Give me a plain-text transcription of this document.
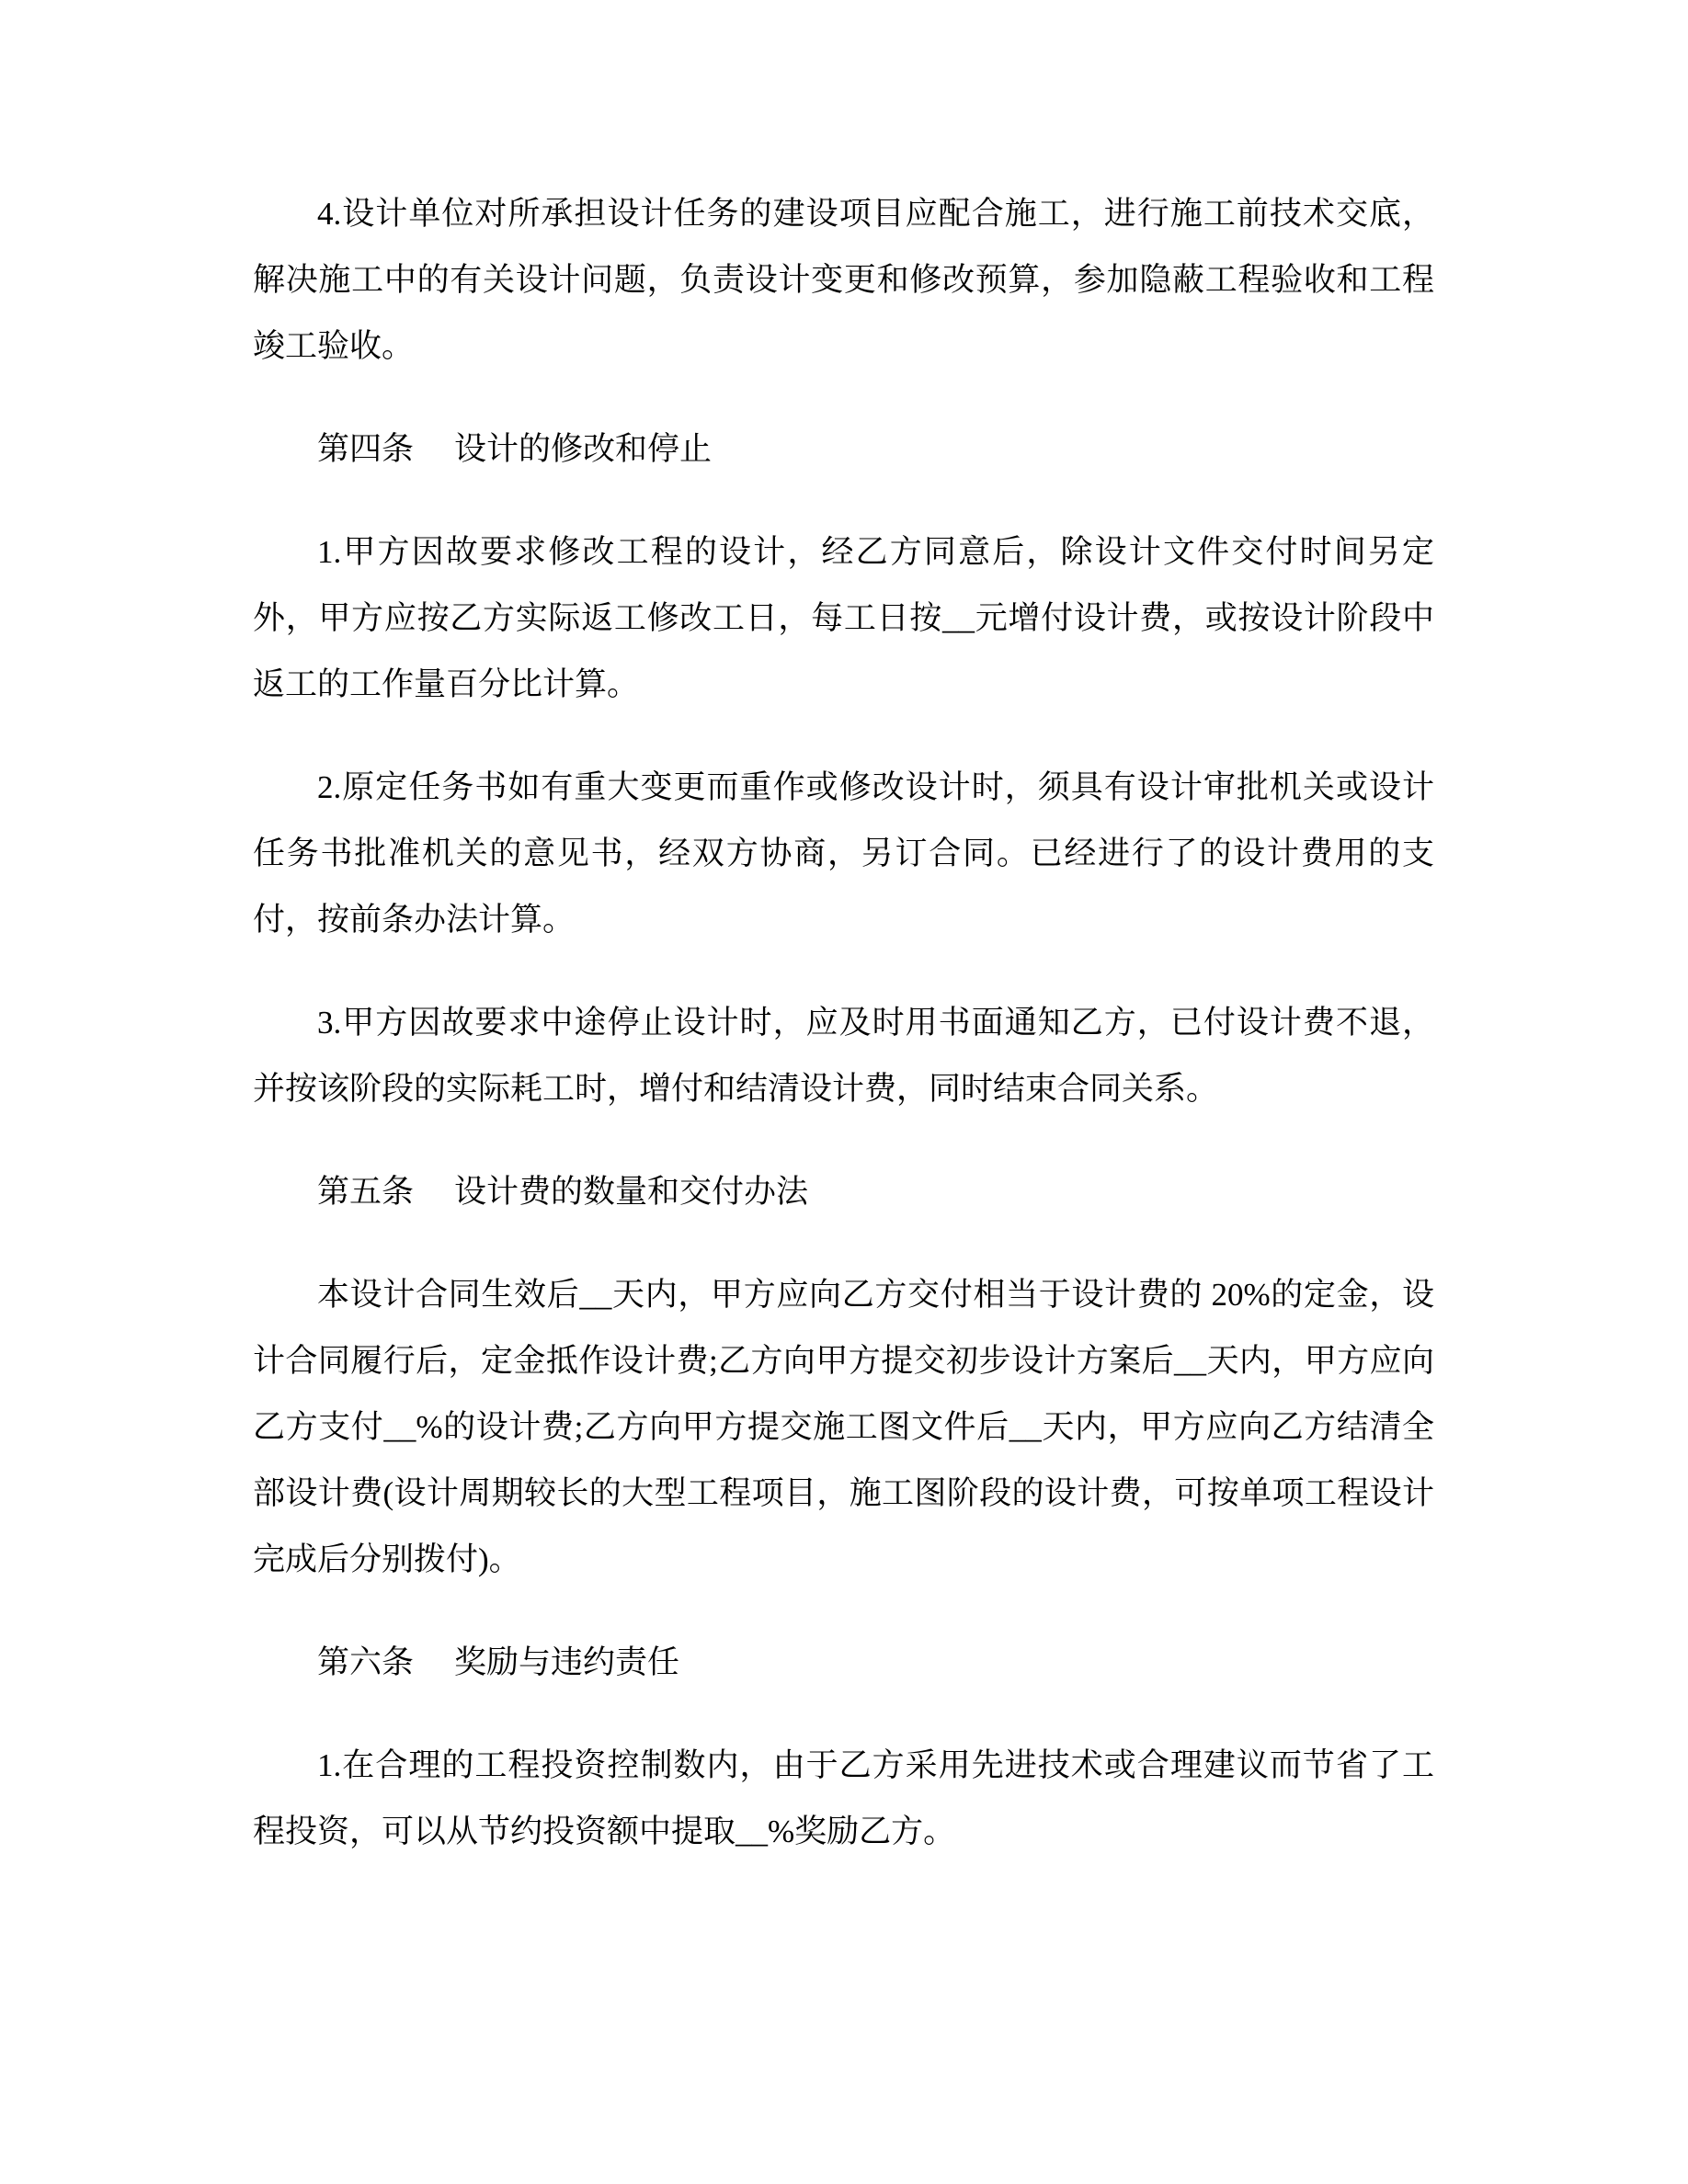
4.设计单位对所承担设计任务的建设项目应配合施工，进行施工前技术交底，解决施工中的有关设计问题，负责设计变更和修改预算，参加隐蔽工程验收和工程竣工验收。

第四条 设计的修改和停止

1.甲方因故要求修改工程的设计，经乙方同意后，除设计文件交付时间另定外，甲方应按乙方实际返工修改工日，每工日按__元增付设计费，或按设计阶段中返工的工作量百分比计算。

2.原定任务书如有重大变更而重作或修改设计时，须具有设计审批机关或设计任务书批准机关的意见书，经双方协商，另订合同。已经进行了的设计费用的支付，按前条办法计算。

3.甲方因故要求中途停止设计时，应及时用书面通知乙方，已付设计费不退，并按该阶段的实际耗工时，增付和结清设计费，同时结束合同关系。

第五条 设计费的数量和交付办法

本设计合同生效后__天内，甲方应向乙方交付相当于设计费的 20%的定金，设计合同履行后，定金抵作设计费;乙方向甲方提交初步设计方案后__天内，甲方应向乙方支付__%的设计费;乙方向甲方提交施工图文件后__天内，甲方应向乙方结清全部设计费(设计周期较长的大型工程项目，施工图阶段的设计费，可按单项工程设计完成后分别拨付)。

第六条 奖励与违约责任

1.在合理的工程投资控制数内，由于乙方采用先进技术或合理建议而节省了工程投资，可以从节约投资额中提取__%奖励乙方。
